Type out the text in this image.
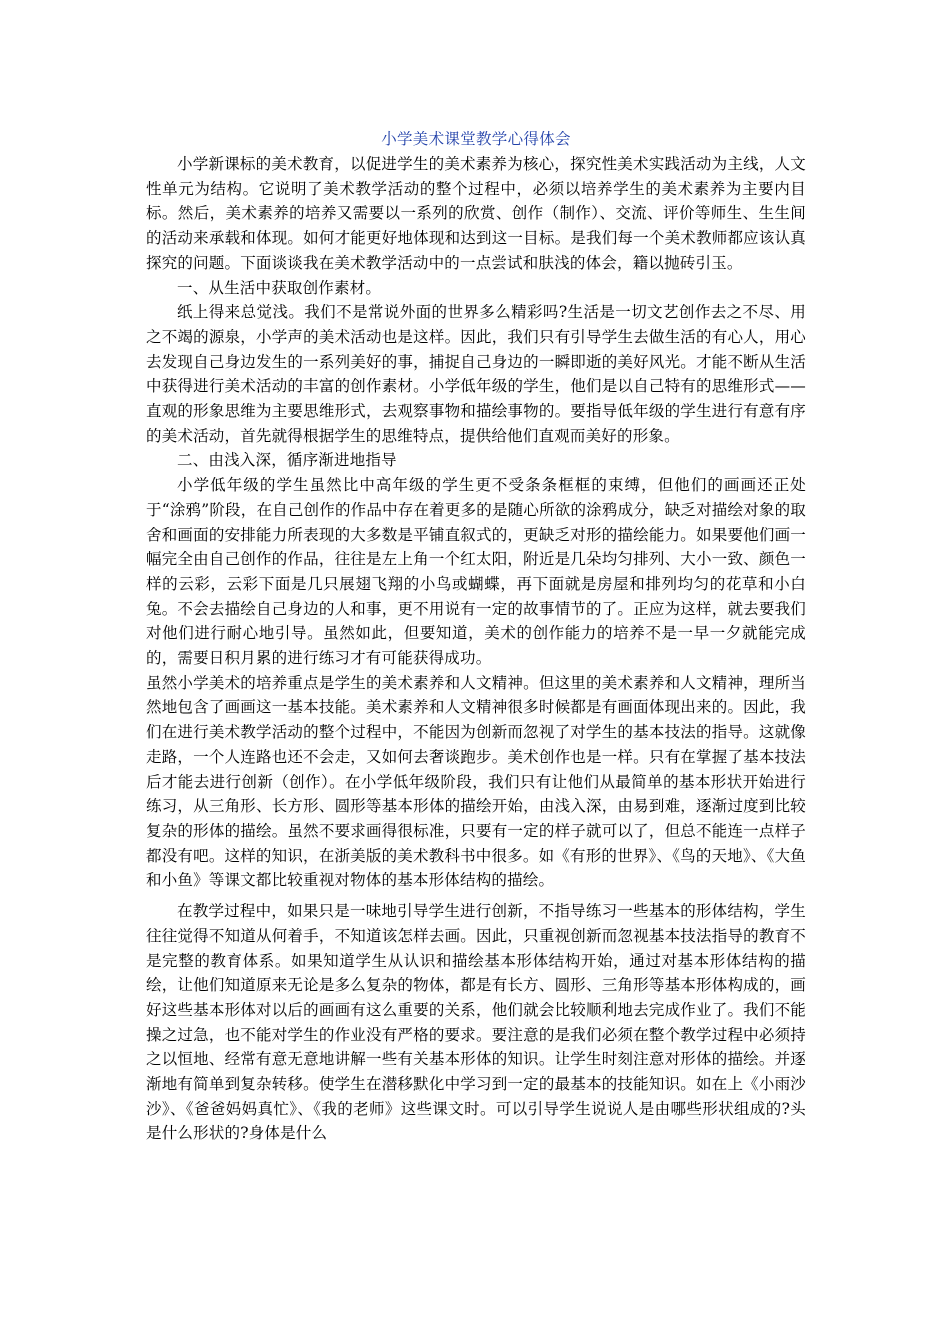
小学美术课堂教学心得体会

小学新课标的美术教育，以促进学生的美术素养为核心，探究性美术实践活动为主线，人文性单元为结构。它说明了美术教学活动的整个过程中，必须以培养学生的美术素养为主要内目标。然后，美术素养的培养又需要以一系列的欣赏、创作（制作）、交流、评价等师生、生生间的活动来承载和体现。如何才能更好地体现和达到这一目标。是我们每一个美术教师都应该认真探究的问题。下面谈谈我在美术教学活动中的一点尝试和肤浅的体会，籍以抛砖引玉。

一、从生活中获取创作素材。

纸上得来总觉浅。我们不是常说外面的世界多么精彩吗?生活是一切文艺创作去之不尽、用之不竭的源泉，小学声的美术活动也是这样。因此，我们只有引导学生去做生活的有心人，用心去发现自己身边发生的一系列美好的事，捕捉自己身边的一瞬即逝的美好风光。才能不断从生活中获得进行美术活动的丰富的创作素材。小学低年级的学生，他们是以自己特有的思维形式——直观的形象思维为主要思维形式，去观察事物和描绘事物的。要指导低年级的学生进行有意有序的美术活动，首先就得根据学生的思维特点，提供给他们直观而美好的形象。

二、由浅入深，循序渐进地指导

小学低年级的学生虽然比中高年级的学生更不受条条框框的束缚，但他们的画画还正处于“涂鸦”阶段，在自己创作的作品中存在着更多的是随心所欲的涂鸦成分，缺乏对描绘对象的取舍和画面的安排能力所表现的大多数是平铺直叙式的，更缺乏对形的描绘能力。如果要他们画一幅完全由自己创作的作品，往往是左上角一个红太阳，附近是几朵均匀排列、大小一致、颜色一样的云彩，云彩下面是几只展翅飞翔的小鸟或蝴蝶，再下面就是房屋和排列均匀的花草和小白兔。不会去描绘自己身边的人和事，更不用说有一定的故事情节的了。正应为这样，就去要我们对他们进行耐心地引导。虽然如此，但要知道，美术的创作能力的培养不是一早一夕就能完成的，需要日积月累的进行练习才有可能获得成功。

虽然小学美术的培养重点是学生的美术素养和人文精神。但这里的美术素养和人文精神，理所当然地包含了画画这一基本技能。美术素养和人文精神很多时候都是有画面体现出来的。因此，我们在进行美术教学活动的整个过程中，不能因为创新而忽视了对学生的基本技法的指导。这就像走路，一个人连路也还不会走，又如何去奢谈跑步。美术创作也是一样。只有在掌握了基本技法后才能去进行创新（创作）。在小学低年级阶段，我们只有让他们从最简单的基本形状开始进行练习，从三角形、长方形、圆形等基本形体的描绘开始，由浅入深，由易到难，逐渐过度到比较复杂的形体的描绘。虽然不要求画得很标准，只要有一定的样子就可以了，但总不能连一点样子都没有吧。这样的知识，在浙美版的美术教科书中很多。如《有形的世界》、《鸟的天地》、《大鱼和小鱼》等课文都比较重视对物体的基本形体结构的描绘。

在教学过程中，如果只是一味地引导学生进行创新，不指导练习一些基本的形体结构，学生往往觉得不知道从何着手，不知道该怎样去画。因此，只重视创新而忽视基本技法指导的教育不是完整的教育体系。如果知道学生从认识和描绘基本形体结构开始，通过对基本形体结构的描绘，让他们知道原来无论是多么复杂的物体，都是有长方、圆形、三角形等基本形体构成的，画好这些基本形体对以后的画画有这么重要的关系，他们就会比较顺利地去完成作业了。我们不能操之过急，也不能对学生的作业没有严格的要求。要注意的是我们必须在整个教学过程中必须持之以恒地、经常有意无意地讲解一些有关基本形体的知识。让学生时刻注意对形体的描绘。并逐渐地有简单到复杂转移。使学生在潜移默化中学习到一定的最基本的技能知识。如在上《小雨沙沙》、《爸爸妈妈真忙》、《我的老师》这些课文时。可以引导学生说说人是由哪些形状组成的?头是什么形状的?身体是什么
